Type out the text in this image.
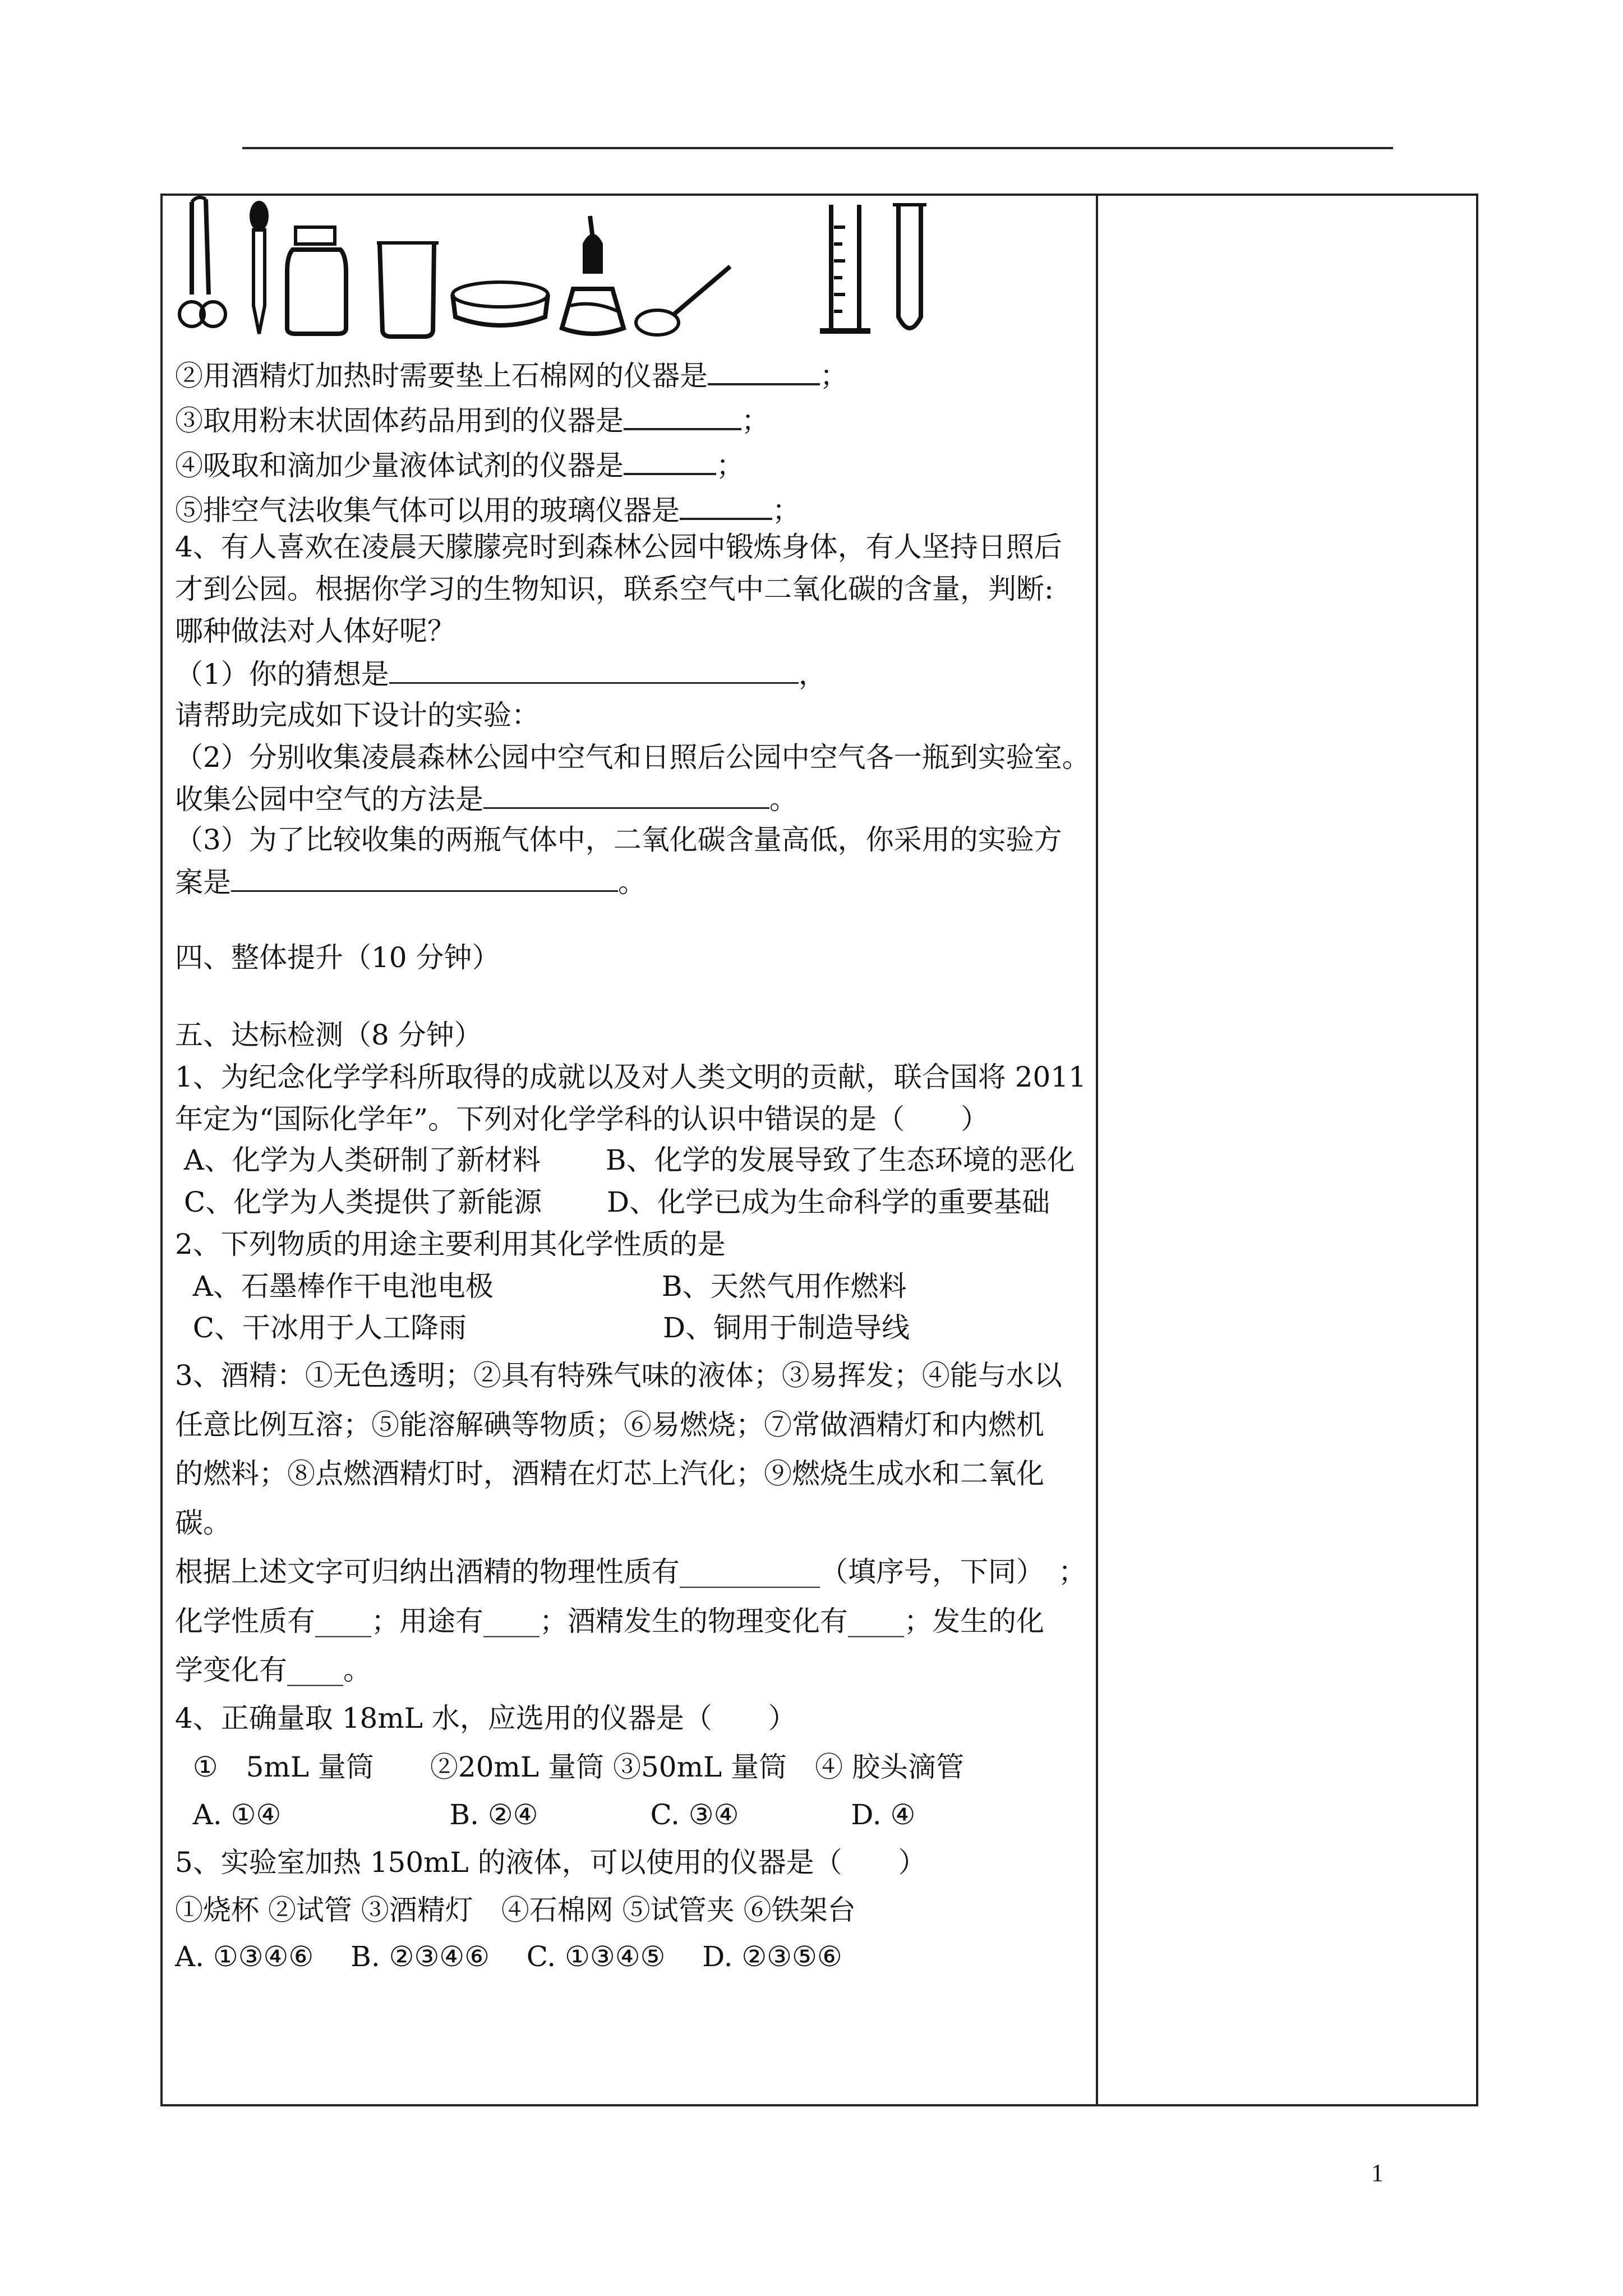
②用酒精灯加热时需要垫上石棉网的仪器是	；
③取用粉末状固体药品用到的仪器是	；
④吸取和滴加少量液体试剂的仪器是	；
⑤排空气法收集气体可以用的玻璃仪器是	；
4、有人喜欢在凌晨天朦朦亮时到森林公园中锻炼身体，有人坚持日照后
才到公园。根据你学习的生物知识，联系空气中二氧化碳的含量，判断:
哪种做法对人体好呢？
（1）你的猜想是	，
请帮助完成如下设计的实验：
（2）分别收集凌晨森林公园中空气和日照后公园中空气各一瓶到实验室。
收集公园中空气的方法是	。
（3）为了比较收集的两瓶气体中，二氧化碳含量高低，你采用的实验方
案是	。
四、整体提升（10 分钟）
五、达标检测（8 分钟）
1、为纪念化学学科所取得的成就以及对人类文明的贡献，联合国将 2011
年定为“国际化学年”。下列对化学学科的认识中错误的是（　　）
A、化学为人类研制了新材料　　 B、化学的发展导致了生态环境的恶化
C、化学为人类提供了新能源　　 D、化学已成为生命科学的重要基础
2、下列物质的用途主要利用其化学性质的是
A、石墨棒作干电池电极　　　　　　B、天然气用作燃料
C、干冰用于人工降雨　　　　　　　D、铜用于制造导线
3、酒精：①无色透明；②具有特殊气味的液体；③易挥发；④能与水以
任意比例互溶；⑤能溶解碘等物质；⑥易燃烧；⑦常做酒精灯和内燃机
的燃料；⑧点燃酒精灯时，酒精在灯芯上汽化；⑨燃烧生成水和二氧化
碳。
根据上述文字可归纳出酒精的物理性质有__________（填序号，下同）　；
化学性质有____；用途有____；酒精发生的物理变化有____；发生的化
学变化有____。
4、正确量取 18mL 水，应选用的仪器是（　　）
①　5mL 量筒　　②20mL 量筒 ③50mL 量筒　④ 胶头滴管
A. ①④　　　　　　B. ②④　　　　C. ③④　　　　D. ④
5、实验室加热 150mL 的液体，可以使用的仪器是（　　）
①烧杯 ②试管 ③酒精灯　④石棉网 ⑤试管夹 ⑥铁架台
A. ①③④⑥　 B. ②③④⑥　 C. ①③④⑤　 D. ②③⑤⑥
1
